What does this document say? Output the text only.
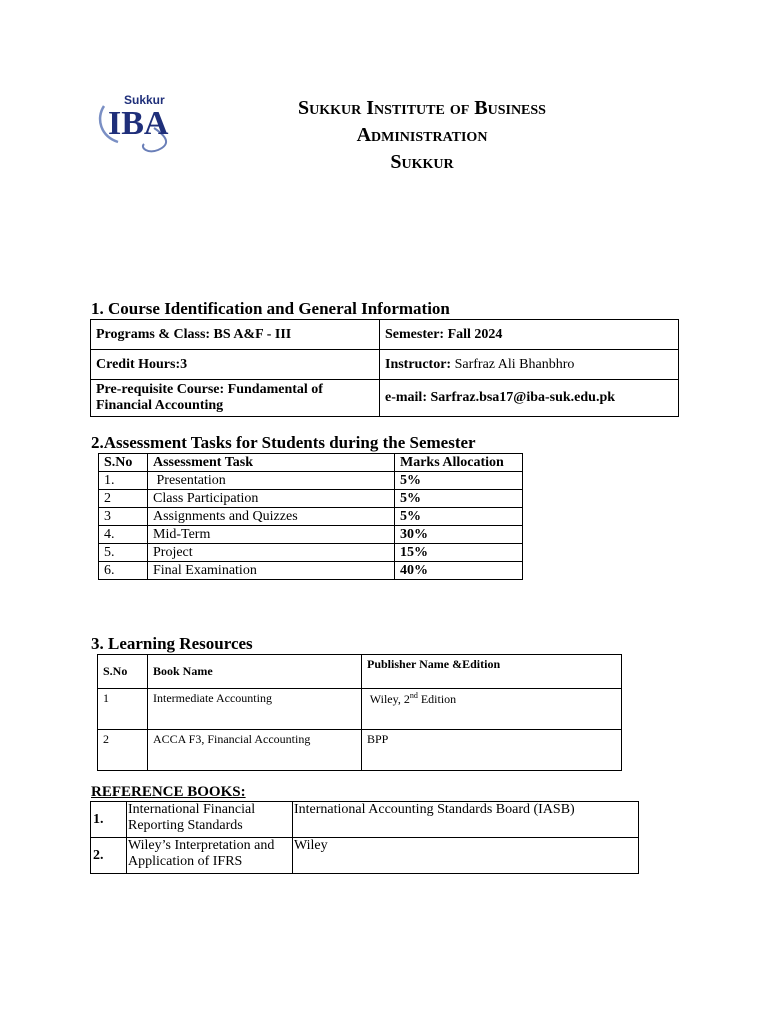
Sukkur
IBA	Sukkur Institute of Business
Administration
Sukkur
1. Course Identification and General Information
Programs & Class: BS A&F - III	Semester: Fall 2024
Credit Hours:3	Instructor: Sarfraz Ali Bhanbhro
Pre-requisite Course: Fundamental of Financial Accounting	e-mail: Sarfraz.bsa17@iba-suk.edu.pk
2.Assessment Tasks for Students during the Semester
S.No	Assessment Task	Marks Allocation
1.	Presentation	5%
2	Class Participation	5%
3	Assignments and Quizzes	5%
4.	Mid-Term	30%
5.	Project	15%
6.	Final Examination	40%
3. Learning Resources
S.No	Book Name	Publisher Name &Edition
1	Intermediate Accounting	Wiley, 2nd Edition
2	ACCA F3, Financial Accounting	BPP
REFERENCE BOOKS:
1.	International Financial Reporting Standards	International Accounting Standards Board (IASB)
2.	Wiley’s Interpretation and Application of IFRS	Wiley
